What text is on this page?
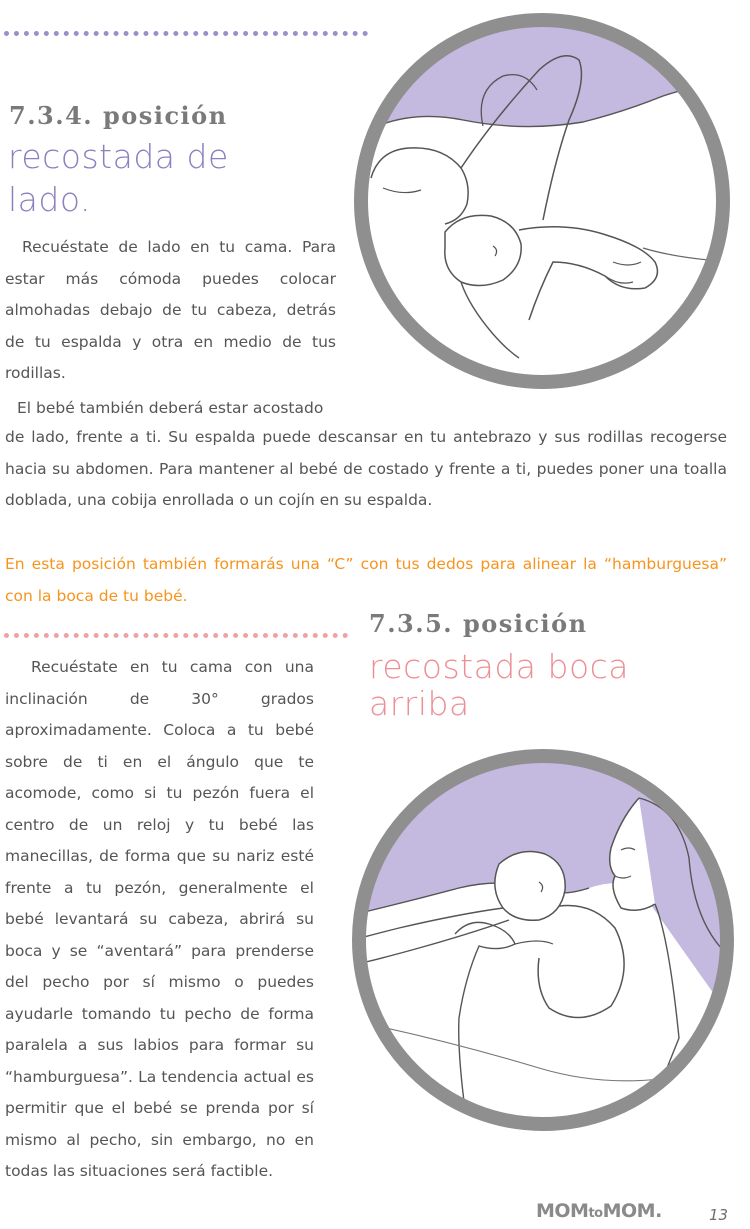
7.3.4. posición
recostada de
lado.

Recuéstate de lado en tu cama. Para estar más cómoda puedes colocar almohadas debajo de tu cabeza, detrás de tu espalda y otra en medio de tus rodillas.

El bebé también deberá estar acostado

de lado, frente a ti. Su espalda puede descansar en tu antebrazo y sus rodillas recogerse hacia su abdomen. Para mantener al bebé de costado y frente a ti, puedes poner una toalla doblada, una cobija enrollada o un cojín en su espalda.

En esta posición también formarás una “C” con tus dedos para alinear la “hamburguesa” con la boca de tu bebé.

7.3.5. posición
recostada boca
arriba

Recuéstate en tu cama con una inclinación de 30° grados aproximadamente. Coloca a tu bebé sobre de ti en el ángulo que te acomode, como si tu pezón fuera el centro de un reloj y tu bebé las manecillas, de forma que su nariz esté frente a tu pezón, generalmente el bebé levantará su cabeza, abrirá su boca y se “aventará” para prenderse del pecho por sí mismo o puedes ayudarle tomando tu pecho de forma paralela a sus labios para formar su “hamburguesa”. La tendencia actual es permitir que el bebé se prenda por sí mismo al pecho, sin embargo, no en todas las situaciones será factible.

MOMtoMOM.	13
